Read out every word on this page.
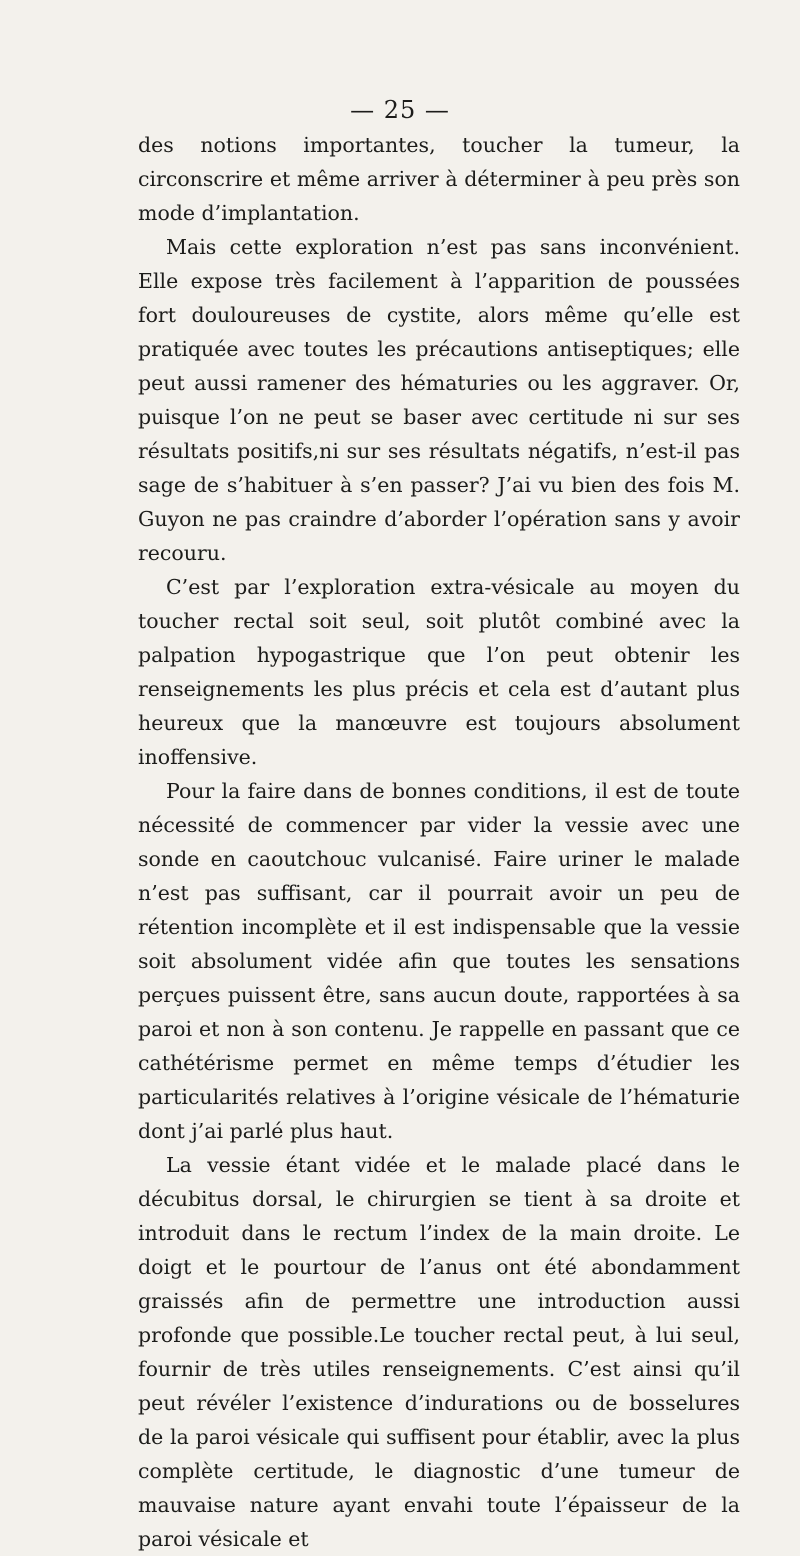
— 25 —

des notions importantes, toucher la tumeur, la circonscrire et même arriver à déterminer à peu près son mode d’implantation.

Mais cette exploration n’est pas sans inconvénient. Elle expose très facilement à l’apparition de poussées fort douloureuses de cystite, alors même qu’elle est pratiquée avec toutes les précautions antiseptiques; elle peut aussi ramener des hématuries ou les aggraver. Or, puisque l’on ne peut se baser avec certitude ni sur ses résultats positifs,ni sur ses résultats négatifs, n’est-il pas sage de s’habituer à s’en passer? J’ai vu bien des fois M. Guyon ne pas craindre d’aborder l’opération sans y avoir recouru.

C’est par l’exploration extra-vésicale au moyen du toucher rectal soit seul, soit plutôt combiné avec la palpation hypogastrique que l’on peut obtenir les renseignements les plus précis et cela est d’autant plus heureux que la manœuvre est toujours absolument inoffensive.

Pour la faire dans de bonnes conditions, il est de toute nécessité de commencer par vider la vessie avec une sonde en caoutchouc vulcanisé. Faire uriner le malade n’est pas suffisant, car il pourrait avoir un peu de rétention incomplète et il est indispensable que la vessie soit absolument vidée afin que toutes les sensations perçues puissent être, sans aucun doute, rapportées à sa paroi et non à son contenu. Je rappelle en passant que ce cathétérisme permet en même temps d’étudier les particularités relatives à l’origine vésicale de l’hématurie dont j’ai parlé plus haut.

La vessie étant vidée et le malade placé dans le décubitus dorsal, le chirurgien se tient à sa droite et introduit dans le rectum l’index de la main droite. Le doigt et le pourtour de l’anus ont été abondamment graissés afin de permettre une introduction aussi profonde que possible.Le toucher rectal peut, à lui seul, fournir de très utiles renseignements. C’est ainsi qu’il peut révéler l’existence d’indurations ou de bosselures de la paroi vésicale qui suffisent pour établir, avec la plus complète certitude, le diagnostic d’une tumeur de mauvaise nature ayant envahi toute l’épaisseur de la paroi vésicale et
